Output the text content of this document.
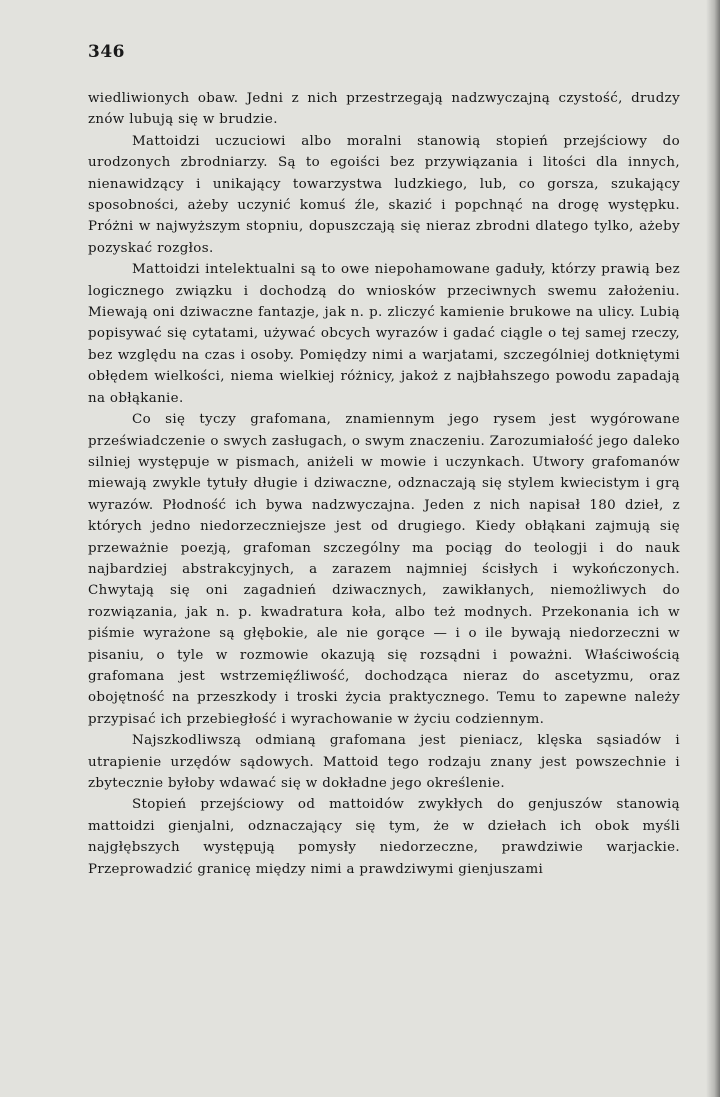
346

wiedliwionych obaw. Jedni z nich przestrzegają nadzwyczajną czystość, drudzy znów lubują się w brudzie.

Mattoidzi uczuciowi albo moralni stanowią stopień przejściowy do urodzonych zbrodniarzy. Są to egoiści bez przywiązania i litości dla innych, nienawidzący i unikający towarzystwa ludzkiego, lub, co gorsza, szukający sposobności, ażeby uczynić komuś źle, skazić i popchnąć na drogę występku. Próżni w najwyższym stopniu, dopuszczają się nieraz zbrodni dlatego tylko, ażeby pozyskać rozgłos.

Mattoidzi intelektualni są to owe niepohamowane gaduły, którzy prawią bez logicznego związku i dochodzą do wniosków przeciwnych swemu założeniu. Miewają oni dziwaczne fantazje, jak n. p. zliczyć kamienie brukowe na ulicy. Lubią popisywać się cytatami, używać obcych wyrazów i gadać ciągle o tej samej rzeczy, bez względu na czas i osoby. Pomiędzy nimi a warjatami, szczególniej dotkniętymi obłędem wielkości, niema wielkiej różnicy, jakoż z najbłahszego powodu zapadają na obłąkanie.

Co się tyczy grafomana, znamiennym jego rysem jest wygórowane przeświadczenie o swych zasługach, o swym znaczeniu. Zarozumiałość jego daleko silniej występuje w pismach, aniżeli w mowie i uczynkach. Utwory grafomanów miewają zwykle tytuły długie i dziwaczne, odznaczają się stylem kwiecistym i grą wyrazów. Płodność ich bywa nadzwyczajna. Jeden z nich napisał 180 dzieł, z których jedno niedorzeczniejsze jest od drugiego. Kiedy obłąkani zajmują się przeważnie poezją, grafoman szczególny ma pociąg do teologji i do nauk najbardziej abstrakcyjnych, a zarazem najmniej ścisłych i wykończonych. Chwytają się oni zagadnień dziwacznych, zawikłanych, niemożliwych do rozwiązania, jak n. p. kwadratura koła, albo też modnych. Przekonania ich w piśmie wyrażone są głębokie, ale nie gorące — i o ile bywają niedorzeczni w pisaniu, o tyle w rozmowie okazują się rozsądni i poważni. Właściwością grafomana jest wstrzemięźliwość, dochodząca nieraz do ascetyzmu, oraz obojętność na przeszkody i troski życia praktycznego. Temu to zapewne należy przypisać ich przebiegłość i wyrachowanie w życiu codziennym.

Najszkodliwszą odmianą grafomana jest pieniacz, klęska sąsiadów i utrapienie urzędów sądowych. Mattoid tego rodzaju znany jest powszechnie i zbytecznie byłoby wdawać się w dokładne jego określenie.

Stopień przejściowy od mattoidów zwykłych do genjuszów stanowią mattoidzi gienjalni, odznaczający się tym, że w dziełach ich obok myśli najgłębszych występują pomysły niedorzeczne, prawdziwie warjackie. Przeprowadzić granicę między nimi a prawdziwymi gienjuszami
